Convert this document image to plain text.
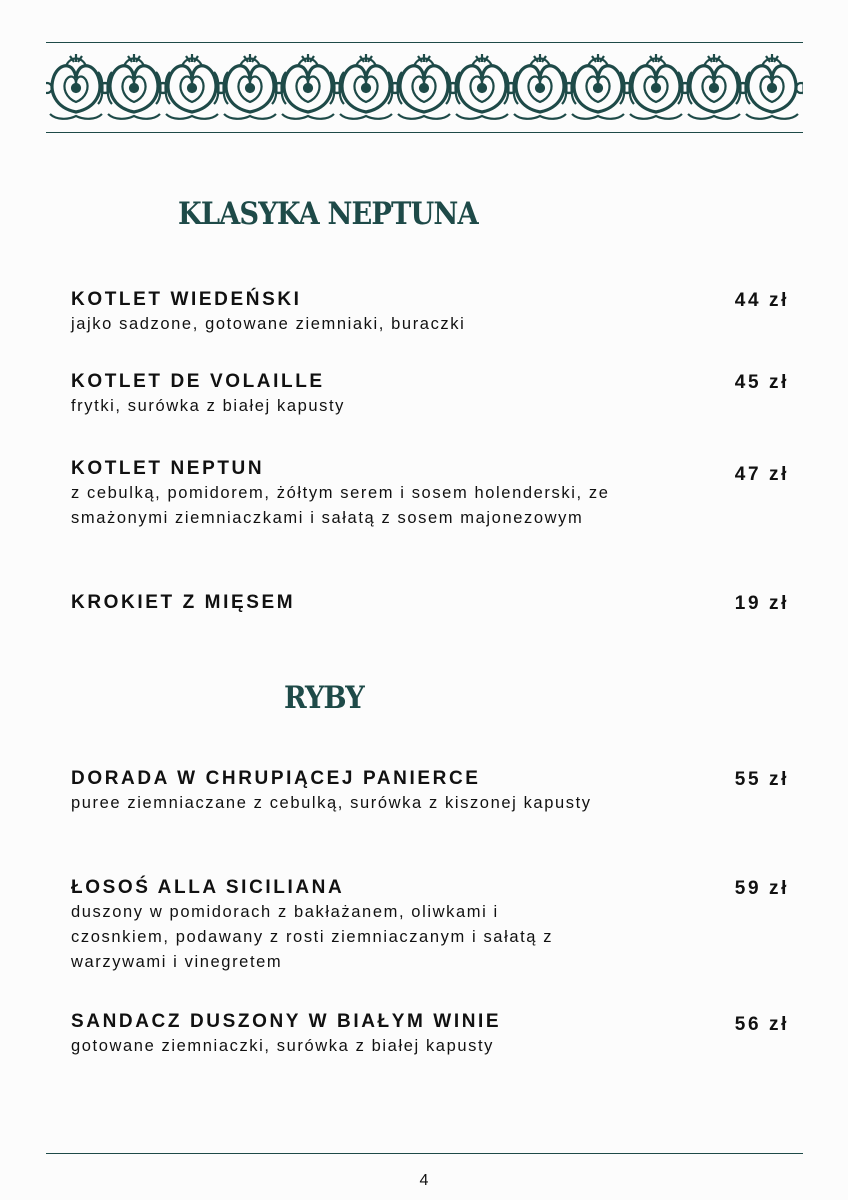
KLASYKA NEPTUNA
KOTLET WIEDEŃSKI
jajko sadzone, gotowane ziemniaki, buraczki
44 zł
KOTLET DE VOLAILLE
frytki, surówka z białej kapusty
45 zł
KOTLET NEPTUN
z cebulką, pomidorem, żółtym serem i sosem holenderski, ze smażonymi ziemniaczkami i sałatą z sosem majonezowym
47 zł
KROKIET Z MIĘSEM	19 zł
RYBY
DORADA W CHRUPIĄCEJ PANIERCE
puree ziemniaczane z cebulką, surówka z kiszonej kapusty
55 zł
ŁOSOŚ ALLA SICILIANA
duszony w pomidorach z bakłażanem, oliwkami i czosnkiem, podawany z rosti ziemniaczanym i sałatą z warzywami i vinegretem
59 zł
SANDACZ DUSZONY W BIAŁYM WINIE
gotowane ziemniaczki, surówka z białej kapusty
56 zł
4
